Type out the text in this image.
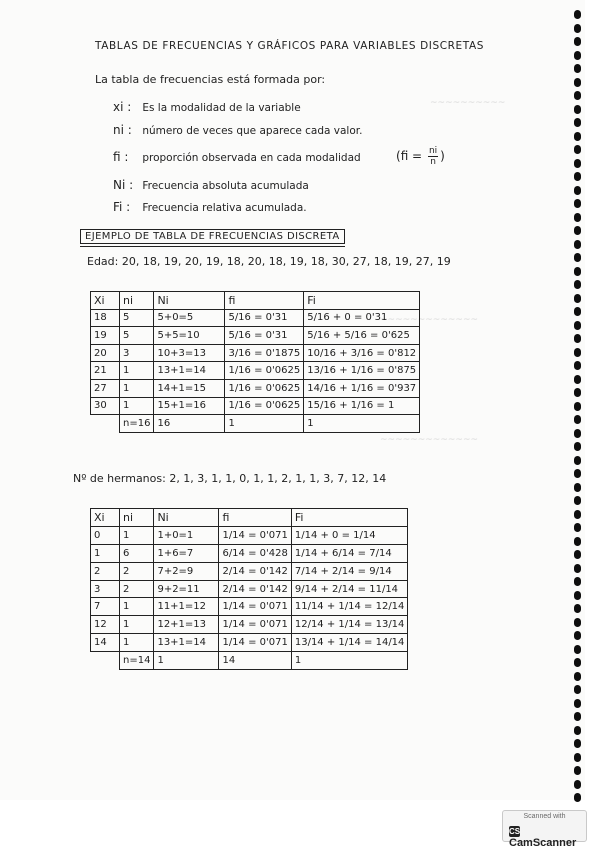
~~~~~~~~~~
~~~~~~~~~~~~~
~~~~~~~~~~~~~
TABLAS DE FRECUENCIAS Y GRÁFICOS PARA VARIABLES DISCRETAS
La tabla de frecuencias está formada por:
xi : Es la modalidad de la variable
ni : número de veces que aparece cada valor.
fi : proporción observada en cada modalidad	($fi = \frac{ni}{n}$ )
Ni : Frecuencia absoluta acumulada
Fi : Frecuencia relativa acumulada.
EJEMPLO DE TABLA DE FRECUENCIAS DISCRETA
Edad: 20, 18, 19, 20, 19, 18, 20, 18, 19, 18, 30, 27, 18, 19, 27, 19
Xi	ni	Ni	fi	Fi
18	5	5+0=5	5/16 = 0'31	5/16 + 0 = 0'31
19	5	5+5=10	5/16 = 0'31	5/16 + 5/16 = 0'625
20	3	10+3=13	3/16 = 0'1875	10/16 + 3/16 = 0'812
21	1	13+1=14	1/16 = 0'0625	13/16 + 1/16 = 0'875
27	1	14+1=15	1/16 = 0'0625	14/16 + 1/16 = 0'937
30	1	15+1=16	1/16 = 0'0625	15/16 + 1/16 = 1
	n=16	16	1	1
Nº de hermanos: 2, 1, 3, 1, 1, 0, 1, 1, 2, 1, 1, 3, 7, 12, 14
Xi	ni	Ni	fi	Fi
0	1	1+0=1	1/14 = 0'071	1/14 + 0 = 1/14
1	6	1+6=7	6/14 = 0'428	1/14 + 6/14 = 7/14
2	2	7+2=9	2/14 = 0'142	7/14 + 2/14 = 9/14
3	2	9+2=11	2/14 = 0'142	9/14 + 2/14 = 11/14
7	1	11+1=12	1/14 = 0'071	11/14 + 1/14 = 12/14
12	1	12+1=13	1/14 = 0'071	12/14 + 1/14 = 13/14
14	1	13+1=14	1/14 = 0'071	13/14 + 1/14 = 14/14
	n=14	1	14	1
Scanned with
CSCamScanner
